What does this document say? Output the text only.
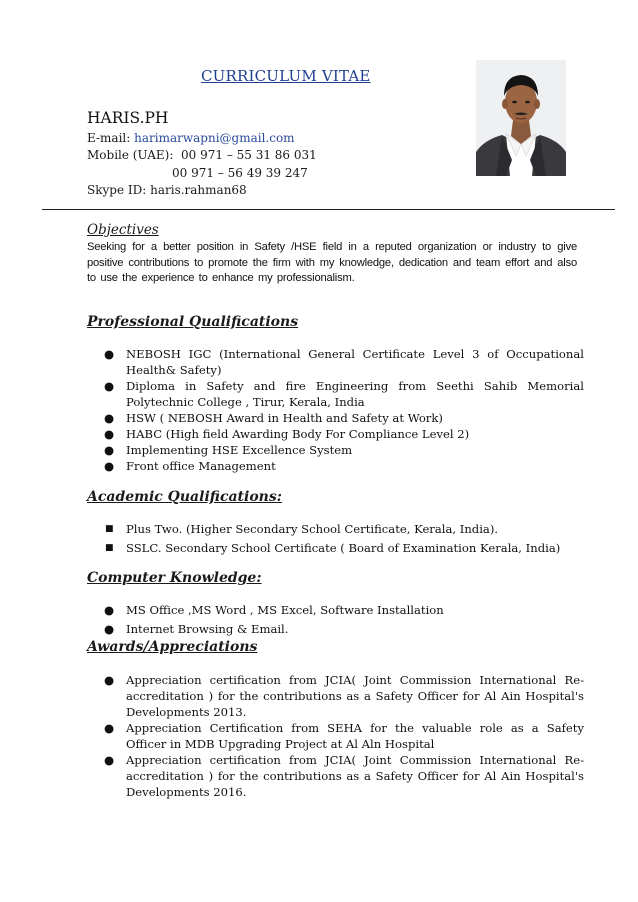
CURRICULUM VITAE
HARIS.PH
E-mail: harimarwapni@gmail.com
Mobile (UAE): 00 971 – 55 31 86 031
00 971 – 56 49 39 247
Skype ID: haris.rahman68
Objectives
Seeking for a better position in Safety /HSE field in a reputed organization or industry to give positive contributions to promote the firm with my knowledge, dedication and team effort and also to use the experience to enhance my professionalism.
Professional Qualifications
● NEBOSH IGC (International General Certificate Level 3 of Occupational Health& Safety)
● Diploma in Safety and fire Engineering from Seethi Sahib Memorial Polytechnic College , Tirur, Kerala, India
● HSW ( NEBOSH Award in Health and Safety at Work)
● HABC (High field Awarding Body For Compliance Level 2)
● Implementing HSE Excellence System
● Front office Management
Academic Qualifications:
■ Plus Two. (Higher Secondary School Certificate, Kerala, India).
■ SSLC. Secondary School Certificate ( Board of Examination Kerala, India)
Computer Knowledge:
● MS Office ,MS Word , MS Excel, Software Installation
● Internet Browsing & Email.
Awards/Appreciations
● Appreciation certification from JCIA( Joint Commission International Re-accreditation ) for the contributions as a Safety Officer for Al Ain Hospital's Developments 2013.
● Appreciation Certification from SEHA for the valuable role as a Safety Officer in MDB Upgrading Project at Al Aln Hospital
● Appreciation certification from JCIA( Joint Commission International Re-accreditation ) for the contributions as a Safety Officer for Al Ain Hospital's Developments 2016.
